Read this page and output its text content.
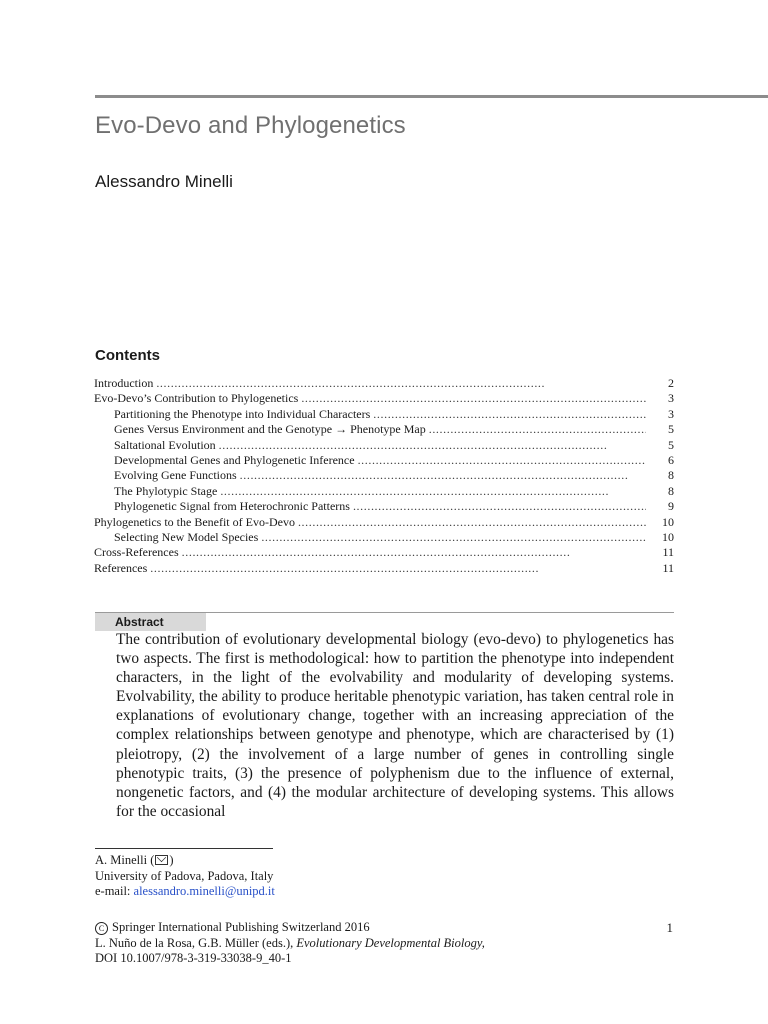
Evo-Devo and Phylogenetics
Alessandro Minelli
Contents
Introduction . . .	2
Evo-Devo’s Contribution to Phylogenetics . . .	3
Partitioning the Phenotype into Individual Characters . . .	3
Genes Versus Environment and the Genotype → Phenotype Map . . .	5
Saltational Evolution . . .	5
Developmental Genes and Phylogenetic Inference . . .	6
Evolving Gene Functions . . .	8
The Phylotypic Stage . . .	8
Phylogenetic Signal from Heterochronic Patterns . . .	9
Phylogenetics to the Benefit of Evo-Devo . . .	10
Selecting New Model Species . . .	10
Cross-References . . .	11
References . . .	11
Abstract
The contribution of evolutionary developmental biology (evo-devo) to phylogenetics has two aspects. The first is methodological: how to partition the phenotype into independent characters, in the light of the evolvability and modularity of developing systems. Evolvability, the ability to produce heritable phenotypic variation, has taken central role in explanations of evolutionary change, together with an increasing appreciation of the complex relationships between genotype and phenotype, which are characterised by (1) pleiotropy, (2) the involvement of a large number of genes in controlling single phenotypic traits, (3) the presence of polyphenism due to the influence of external, nongenetic factors, and (4) the modular architecture of developing systems. This allows for the occasional
A. Minelli ( )
University of Padova, Padova, Italy
e-mail: alessandro.minelli@unipd.it
C Springer International Publishing Switzerland 2016
L. Nuño de la Rosa, G.B. Müller (eds.), Evolutionary Developmental Biology,
DOI 10.1007/978-3-319-33038-9_40-1
1
